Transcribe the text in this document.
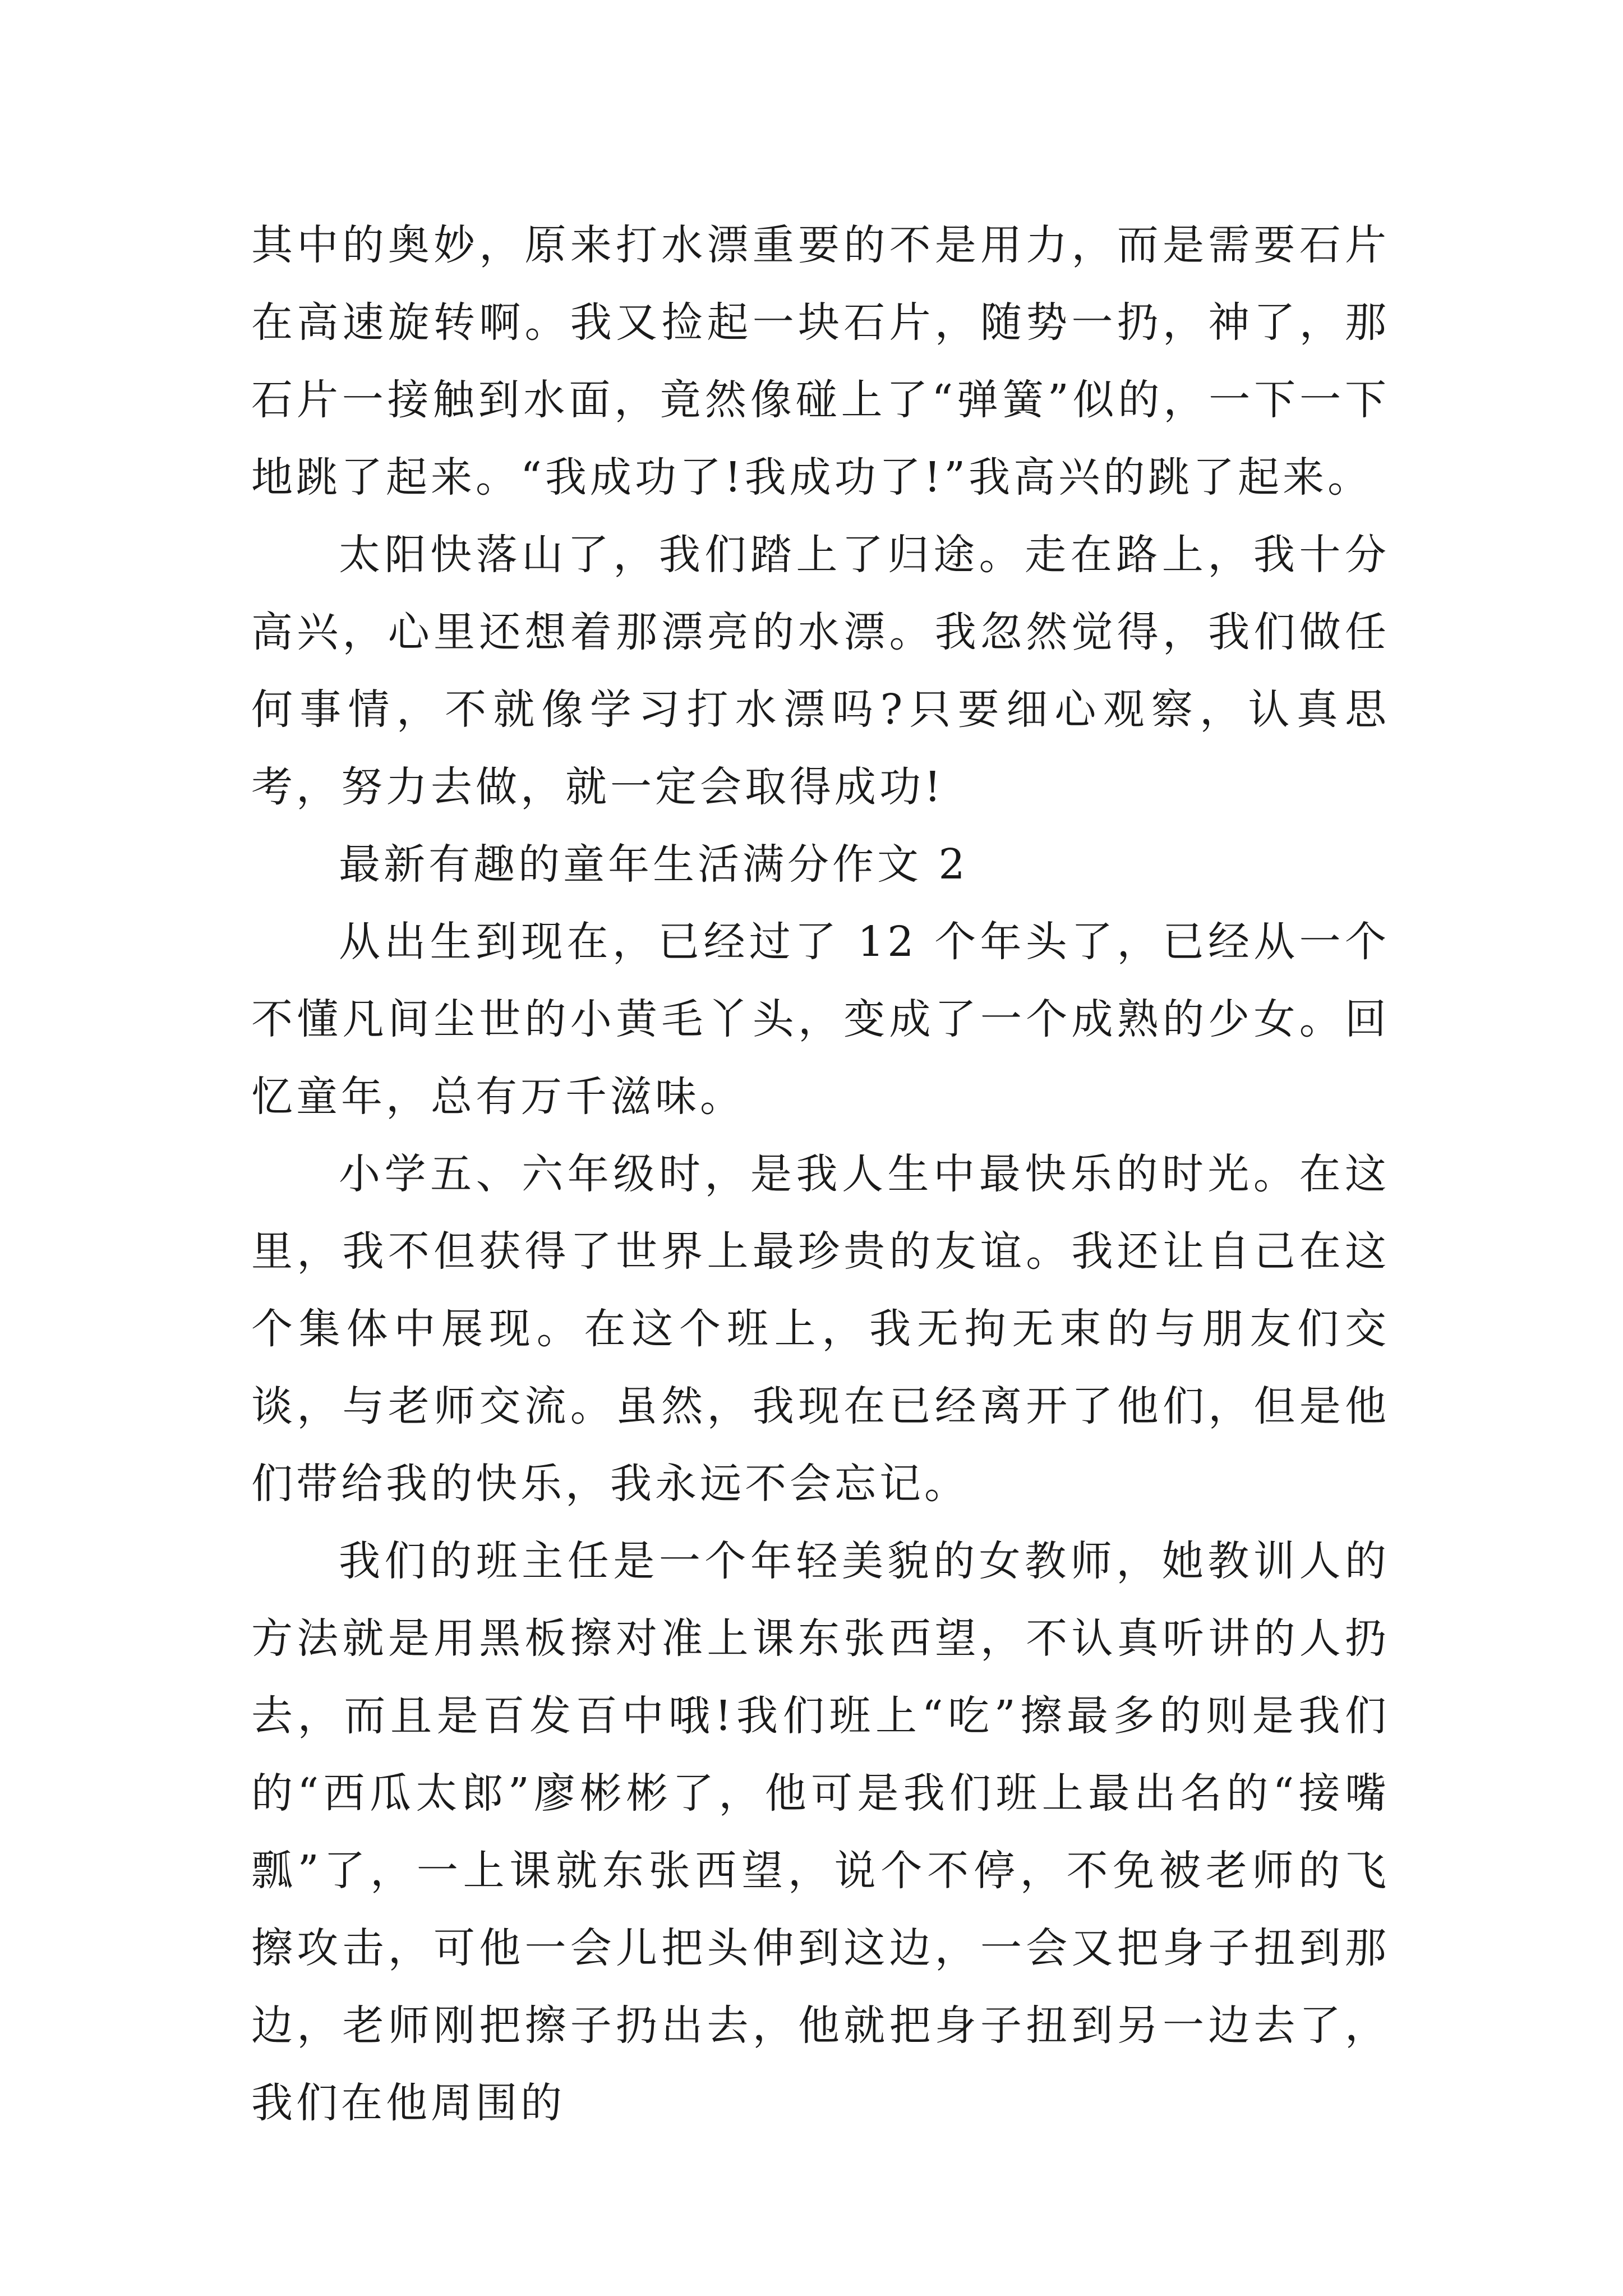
其中的奥妙，原来打水漂重要的不是用力，而是需要石片在高速旋转啊。我又捡起一块石片，随势一扔，神了，那石片一接触到水面，竟然像碰上了“弹簧”似的，一下一下地跳了起来。“我成功了!我成功了!”我高兴的跳了起来。

太阳快落山了，我们踏上了归途。走在路上，我十分高兴，心里还想着那漂亮的水漂。我忽然觉得，我们做任何事情，不就像学习打水漂吗?只要细心观察，认真思考，努力去做，就一定会取得成功!

最新有趣的童年生活满分作文 2

从出生到现在，已经过了 12 个年头了，已经从一个不懂凡间尘世的小黄毛丫头，变成了一个成熟的少女。回忆童年，总有万千滋味。

小学五、六年级时，是我人生中最快乐的时光。在这里，我不但获得了世界上最珍贵的友谊。我还让自己在这个集体中展现。在这个班上，我无拘无束的与朋友们交谈，与老师交流。虽然，我现在已经离开了他们，但是他们带给我的快乐，我永远不会忘记。

我们的班主任是一个年轻美貌的女教师，她教训人的方法就是用黑板擦对准上课东张西望，不认真听讲的人扔去，而且是百发百中哦!我们班上“吃”擦最多的则是我们的“西瓜太郎”廖彬彬了，他可是我们班上最出名的“接嘴瓢”了，一上课就东张西望，说个不停，不免被老师的飞擦攻击，可他一会儿把头伸到这边，一会又把身子扭到那边，老师刚把擦子扔出去，他就把身子扭到另一边去了，我们在他周围的
